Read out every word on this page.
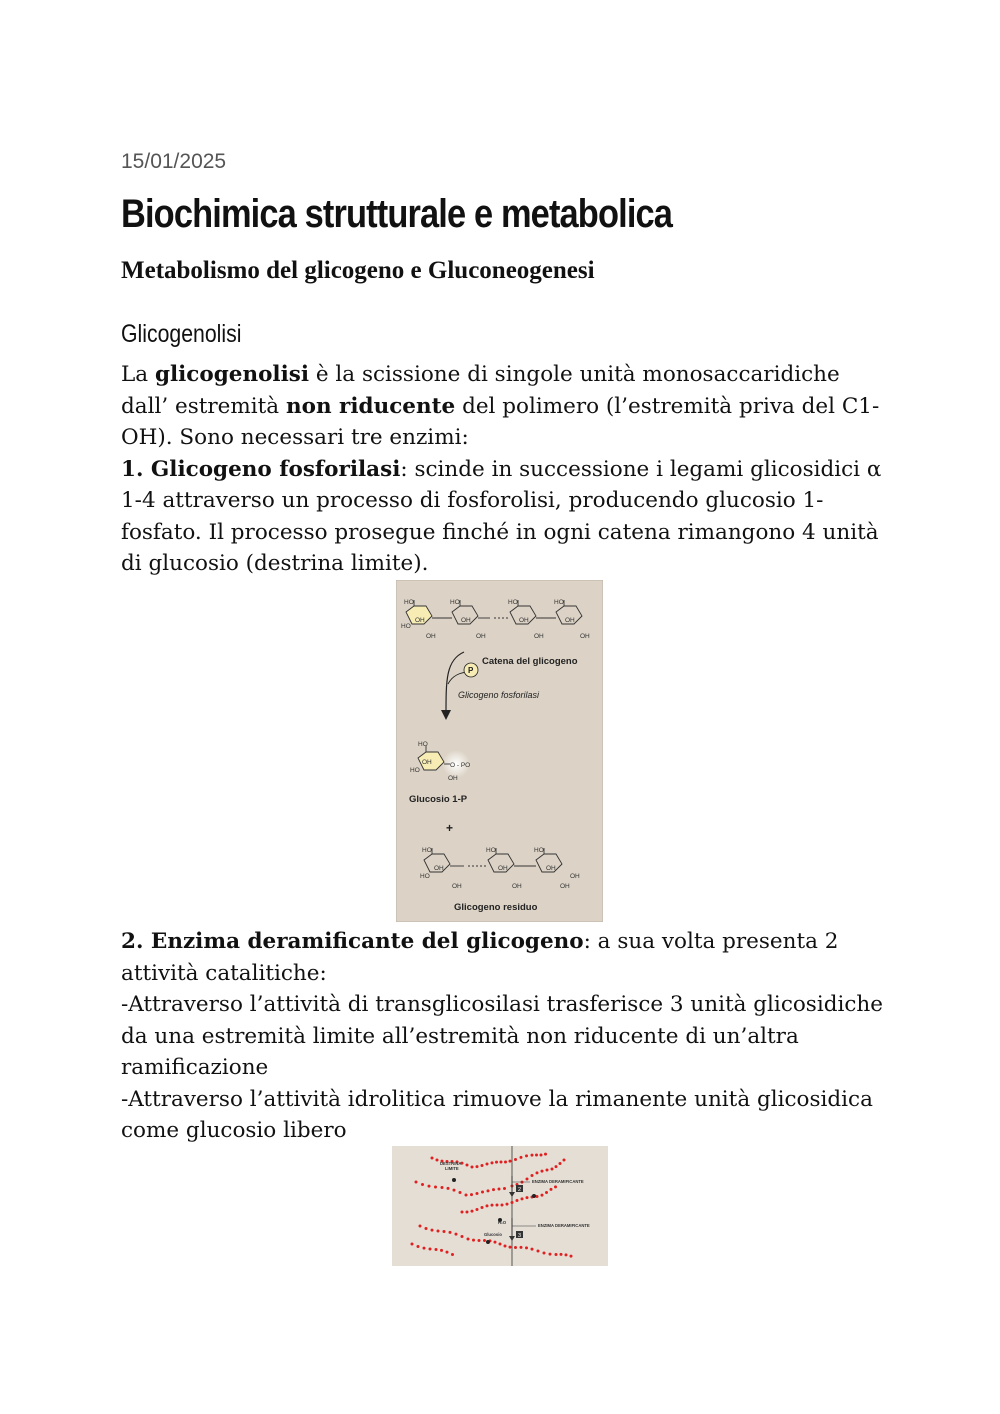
15/01/2025
Biochimica strutturale e metabolica
Metabolismo del glicogeno e Gluconeogenesi
Glicogenolisi
La glicogenolisi è la scissione di singole unità monosaccaridiche dall’ estremità non riducente del polimero (l’estremità priva del C1-OH). Sono necessari tre enzimi:
1. Glicogeno fosforilasi: scinde in successione i legami glicosidici α 1-4 attraverso un processo di fosforolisi, producendo glucosio 1-fosfato. Il processo prosegue finché in ogni catena rimangono 4 unità di glucosio (destrina limite).
HO	HO	HO	HO
HO
OH	OH	OH	OH
OH	OH	OH	OH
P
Catena del glicogeno
Glicogeno fosforilasi
O - PO
HO
HO
OH
OH
Glucosio 1-P
+
HO	HO	HO
HO
OH	OH	OH
OH	OH	OH
OH
Glicogeno residuo
2. Enzima deramificante del glicogeno: a sua volta presenta 2 attività catalitiche:
-Attraverso l’attività di transglicosilasi trasferisce 3 unità glicosidiche da una estremità limite all’estremità non riducente di un’altra ramificazione
-Attraverso l’attività idrolitica rimuove la rimanente unità glicosidica come glucosio libero
DESTRINA
LIMITE
ENZIMA DERAMIFICANTE
ENZIMA DERAMIFICANTE
H₂O
Glucosio
2
3
